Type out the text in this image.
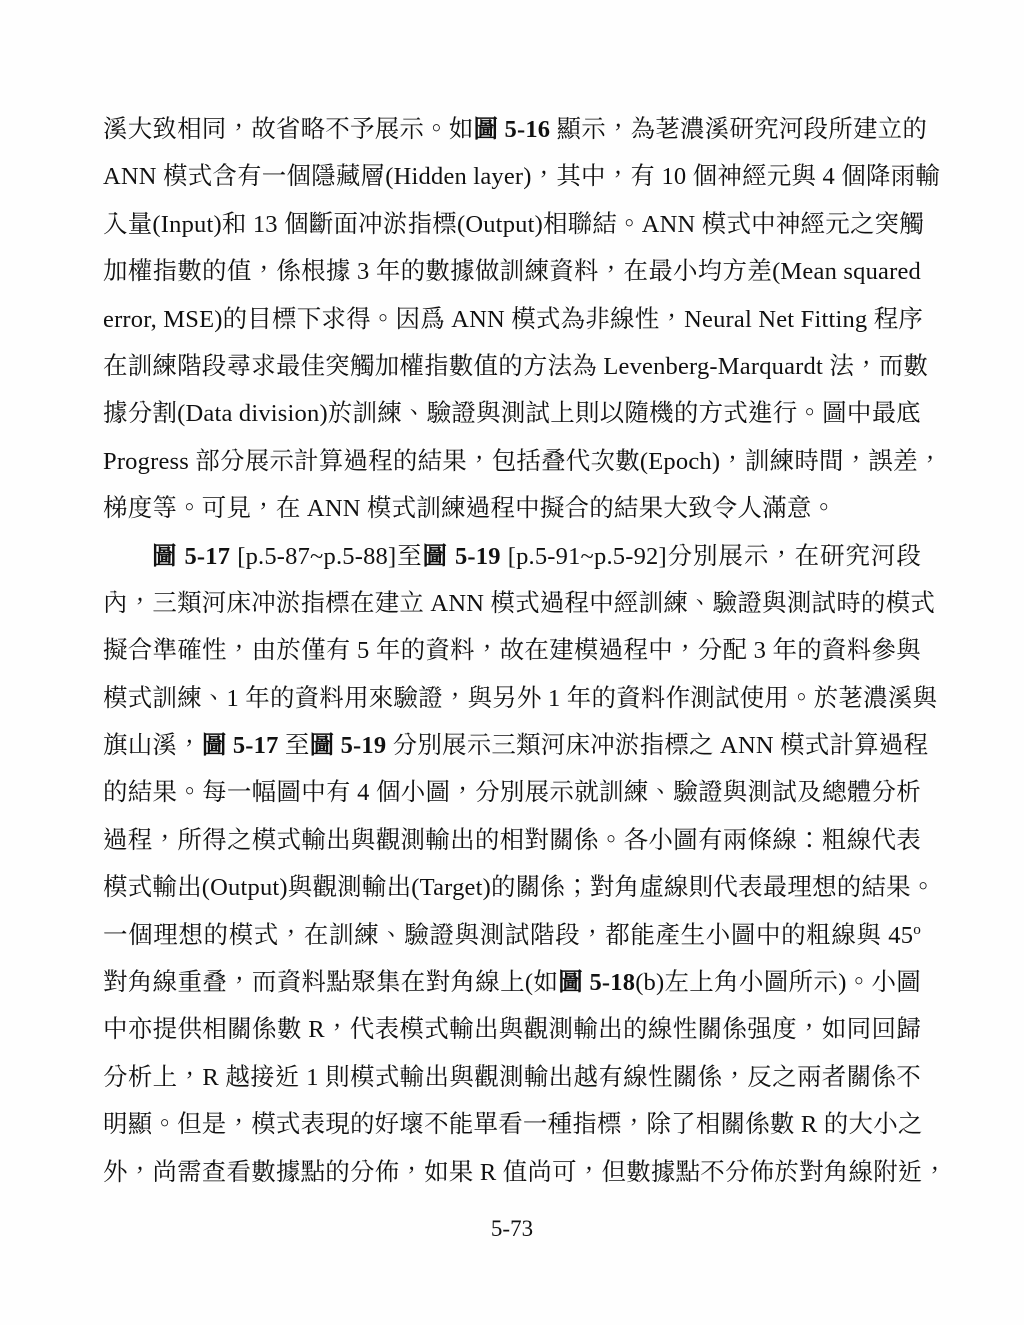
溪大致相同，故省略不予展示。如圖 5-16 顯示，為荖濃溪研究河段所建立的
ANN 模式含有一個隱藏層(Hidden layer)，其中，有 10 個神經元與 4 個降雨輸
入量(Input)和 13 個斷面冲淤指標(Output)相聯結。ANN 模式中神經元之突觸
加權指數的值，係根據 3 年的數據做訓練資料，在最小均方差(Mean squared
error, MSE)的目標下求得。因爲 ANN 模式為非線性，Neural Net Fitting 程序
在訓練階段尋求最佳突觸加權指數值的方法為 Levenberg-Marquardt 法，而數
據分割(Data division)於訓練、驗證與測試上則以隨機的方式進行。圖中最底
Progress 部分展示計算過程的結果，包括叠代次數(Epoch)，訓練時間，誤差，
梯度等。可見，在 ANN 模式訓練過程中擬合的結果大致令人滿意。
圖 5-17 [p.5-87~p.5-88]至圖 5-19 [p.5-91~p.5-92]分別展示，在研究河段
內，三類河床冲淤指標在建立 ANN 模式過程中經訓練、驗證與測試時的模式
擬合準確性，由於僅有 5 年的資料，故在建模過程中，分配 3 年的資料參與
模式訓練、1 年的資料用來驗證，與另外 1 年的資料作測試使用。於荖濃溪與
旗山溪，圖 5-17 至圖 5-19 分別展示三類河床冲淤指標之 ANN 模式計算過程
的結果。每一幅圖中有 4 個小圖，分別展示就訓練、驗證與測試及總體分析
過程，所得之模式輸出與觀測輸出的相對關係。各小圖有兩條線：粗線代表
模式輸出(Output)與觀測輸出(Target)的關係；對角虛線則代表最理想的結果。
一個理想的模式，在訓練、驗證與測試階段，都能產生小圖中的粗線與 45$^o$
對角線重叠，而資料點聚集在對角線上(如圖 5-18(b)左上角小圖所示)。小圖
中亦提供相關係數 R，代表模式輸出與觀測輸出的線性關係强度，如同回歸
分析上，R 越接近 1 則模式輸出與觀測輸出越有線性關係，反之兩者關係不
明顯。但是，模式表現的好壞不能單看一種指標，除了相關係數 R 的大小之
外，尚需查看數據點的分佈，如果 R 值尚可，但數據點不分佈於對角線附近，
5-73
